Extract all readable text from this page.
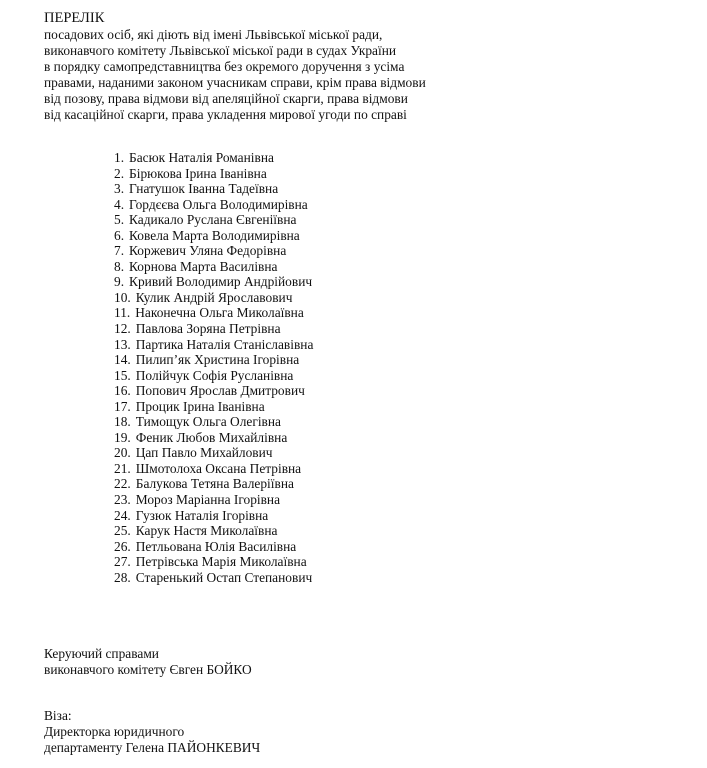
ПЕРЕЛІК
посадових осіб, які діють від імені Львівської міської ради,
виконавчого комітету Львівської міської ради в судах України
в порядку самопредставництва без окремого доручення з усіма
правами, наданими законом учасникам справи, крім права відмови
від позову, права відмови від апеляційної скарги, права відмови
від касаційної скарги, права укладення мирової угоди по справі
1. Басюк Наталія Романівна
2. Бірюкова Ірина Іванівна
3. Гнатушок Іванна Тадеївна
4. Гордєєва Ольга Володимирівна
5. Кадикало Руслана Євгеніївна
6. Ковела Марта Володимирівна
7. Коржевич Уляна Федорівна
8. Корнова Марта Василівна
9. Кривий Володимир Андрійович
10. Кулик Андрій Ярославович
11. Наконечна Ольга Миколаївна
12. Павлова Зоряна Петрівна
13. Партика Наталія Станіславівна
14. Пилип’як Христина Ігорівна
15. Полійчук Софія Русланівна
16. Попович Ярослав Дмитрович
17. Процик Ірина Іванівна
18. Тимощук Ольга Олегівна
19. Феник Любов Михайлівна
20. Цап Павло Михайлович
21. Шмотолоха Оксана Петрівна
22. Балукова Тетяна Валеріївна
23. Мороз Маріанна Ігорівна
24. Гузюк Наталія Ігорівна
25. Карук Настя Миколаївна
26. Петльована Юлія Василівна
27. Петрівська Марія Миколаївна
28. Старенький Остап Степанович
Керуючий справами
виконавчого комітету Євген БОЙКО
Віза:
Директорка юридичного
департаменту Гелена ПАЙОНКЕВИЧ
